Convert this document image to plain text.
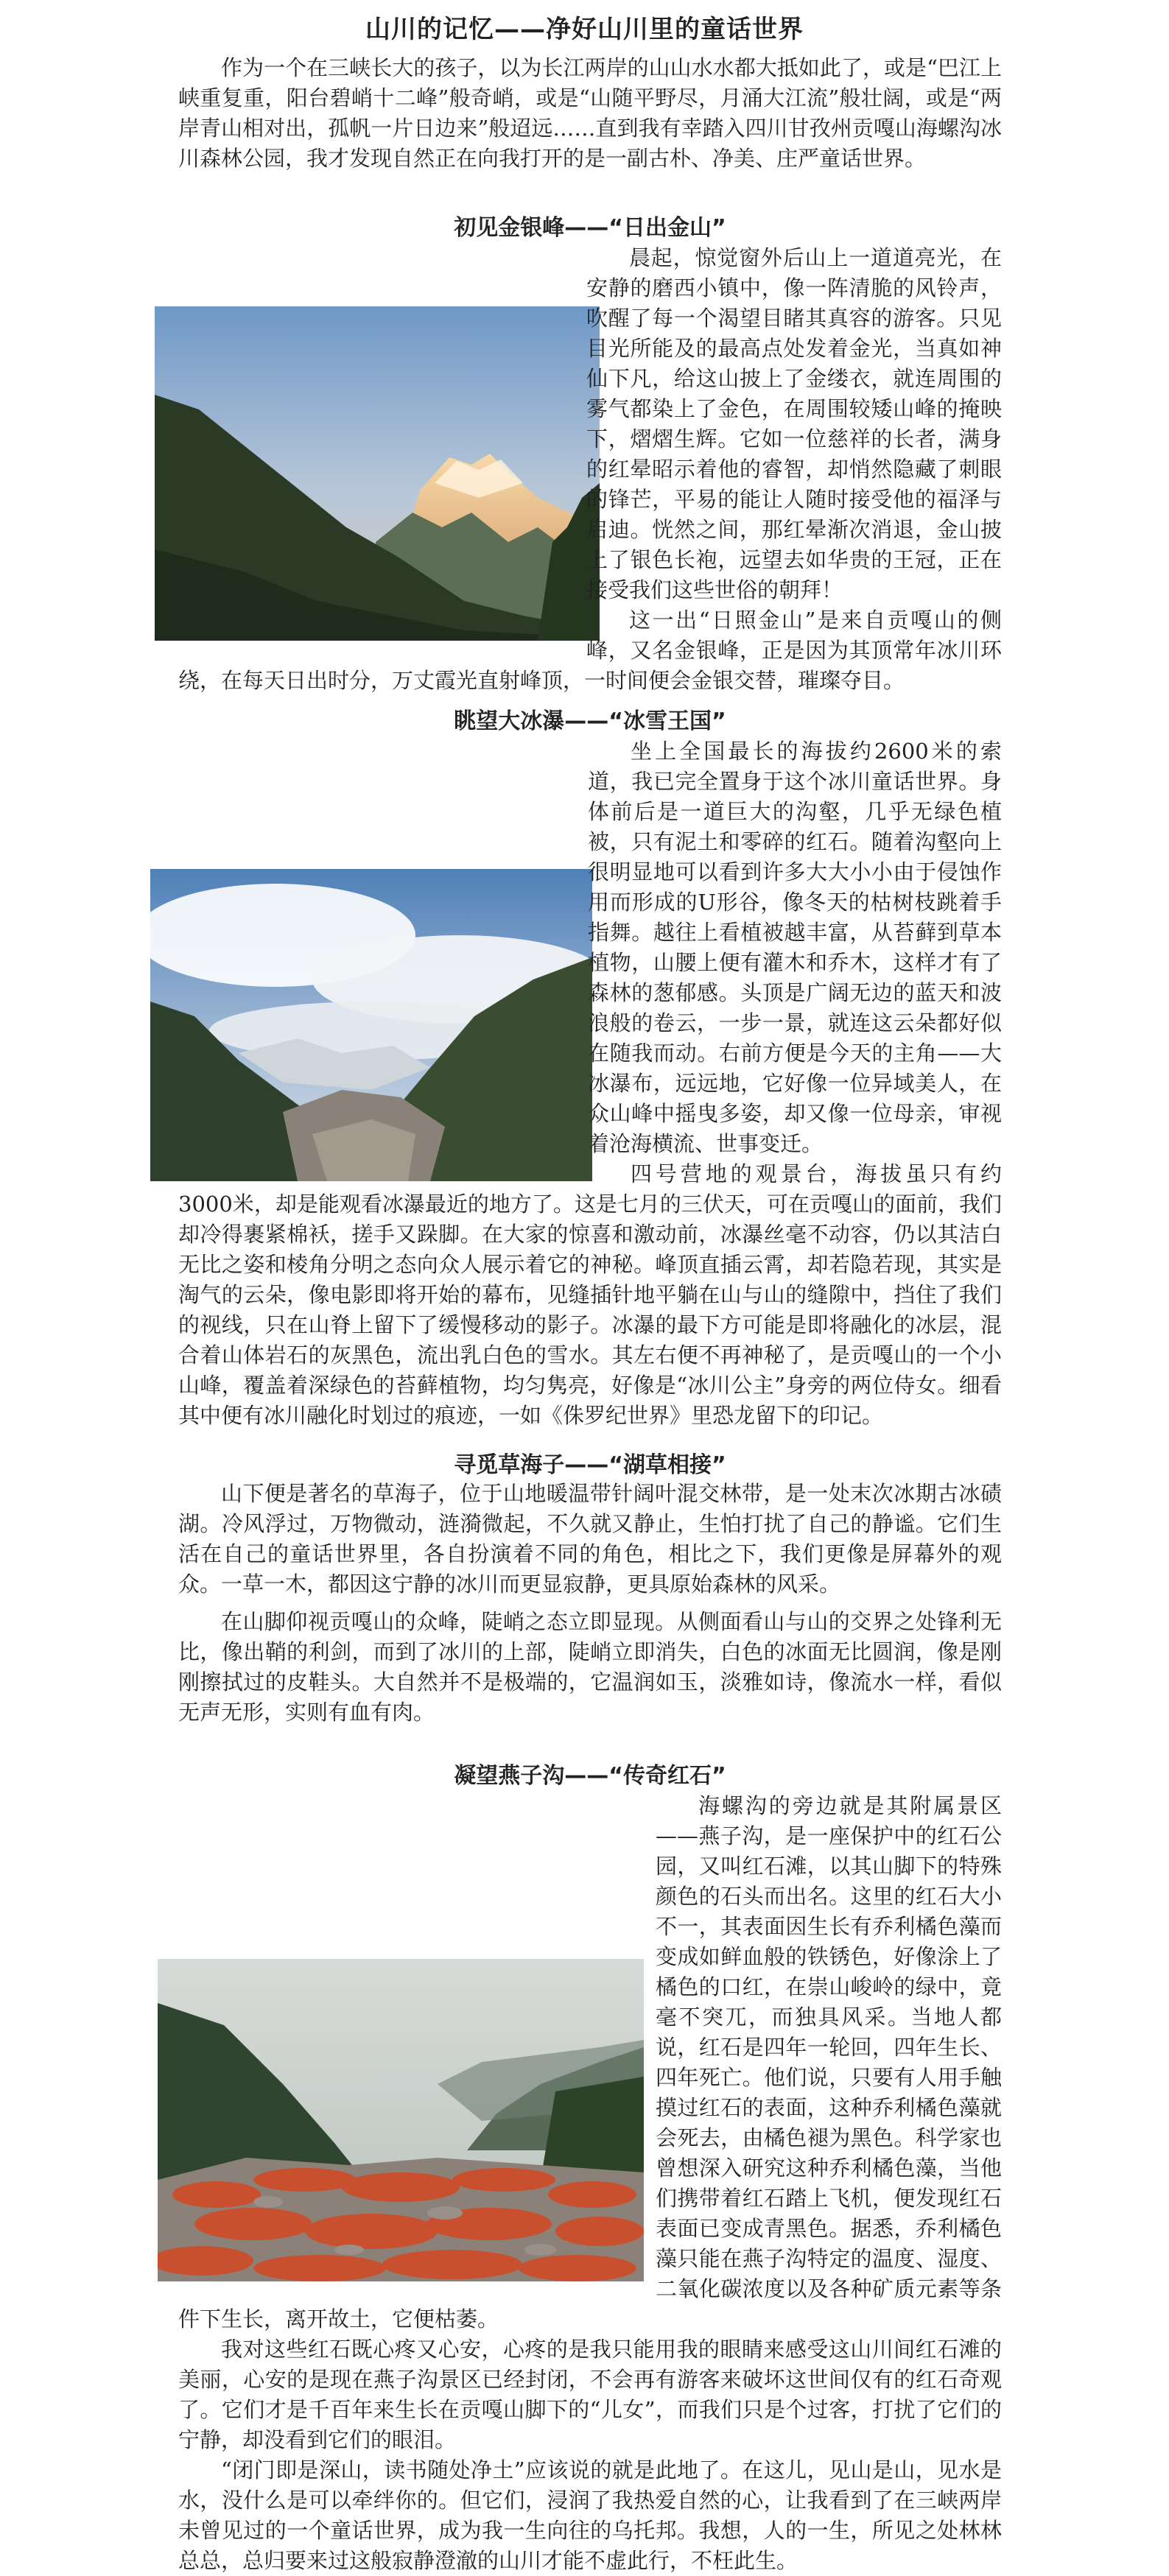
山川的记忆——净好山川里的童话世界

作为一个在三峡长大的孩子，以为长江两岸的山山水水都大抵如此了，或是“巴江上峡重复重，阳台碧峭十二峰”般奇峭，或是“山随平野尽，月涌大江流”般壮阔，或是“两岸青山相对出，孤帆一片日边来”般迢远……直到我有幸踏入四川甘孜州贡嘎山海螺沟冰川森林公园，我才发现自然正在向我打开的是一副古朴、净美、庄严童话世界。

初见金银峰——“日出金山”

晨起，惊觉窗外后山上一道道亮光，在安静的磨西小镇中，像一阵清脆的风铃声，吹醒了每一个渴望目睹其真容的游客。只见目光所能及的最高点处发着金光，当真如神仙下凡，给这山披上了金缕衣，就连周围的雾气都染上了金色，在周围较矮山峰的掩映下，熠熠生辉。它如一位慈祥的长者，满身的红晕昭示着他的睿智，却悄然隐藏了刺眼的锋芒，平易的能让人随时接受他的福泽与启迪。恍然之间，那红晕渐次消退，金山披上了银色长袍，远望去如华贵的王冠，正在接受我们这些世俗的朝拜！

这一出“日照金山”是来自贡嘎山的侧峰，又名金银峰，正是因为其顶常年冰川环绕，在每天日出时分，万丈霞光直射峰顶，一时间便会金银交替，璀璨夺目。

眺望大冰瀑——“冰雪王国”

坐上全国最长的海拔约2600米的索道，我已完全置身于这个冰川童话世界。身体前后是一道巨大的沟壑，几乎无绿色植被，只有泥土和零碎的红石。随着沟壑向上很明显地可以看到许多大大小小由于侵蚀作用而形成的U形谷，像冬天的枯树枝跳着手指舞。越往上看植被越丰富，从苔藓到草本植物，山腰上便有灌木和乔木，这样才有了森林的葱郁感。头顶是广阔无边的蓝天和波浪般的卷云，一步一景，就连这云朵都好似在随我而动。右前方便是今天的主角——大冰瀑布，远远地，它好像一位异域美人，在众山峰中摇曳多姿，却又像一位母亲，审视着沧海横流、世事变迁。

四号营地的观景台，海拔虽只有约3000米，却是能观看冰瀑最近的地方了。这是七月的三伏天，可在贡嘎山的面前，我们却冷得裹紧棉袄，搓手又跺脚。在大家的惊喜和激动前，冰瀑丝毫不动容，仍以其洁白无比之姿和棱角分明之态向众人展示着它的神秘。峰顶直插云霄，却若隐若现，其实是淘气的云朵，像电影即将开始的幕布，见缝插针地平躺在山与山的缝隙中，挡住了我们的视线，只在山脊上留下了缓慢移动的影子。冰瀑的最下方可能是即将融化的冰层，混合着山体岩石的灰黑色，流出乳白色的雪水。其左右便不再神秘了，是贡嘎山的一个小山峰，覆盖着深绿色的苔藓植物，均匀隽亮，好像是“冰川公主”身旁的两位侍女。细看其中便有冰川融化时划过的痕迹，一如《侏罗纪世界》里恐龙留下的印记。

寻觅草海子——“湖草相接”

山下便是著名的草海子，位于山地暖温带针阔叶混交林带，是一处末次冰期古冰碛湖。冷风浮过，万物微动，涟漪微起，不久就又静止，生怕打扰了自己的静谧。它们生活在自己的童话世界里，各自扮演着不同的角色，相比之下，我们更像是屏幕外的观众。一草一木，都因这宁静的冰川而更显寂静，更具原始森林的风采。

在山脚仰视贡嘎山的众峰，陡峭之态立即显现。从侧面看山与山的交界之处锋利无比，像出鞘的利剑，而到了冰川的上部，陡峭立即消失，白色的冰面无比圆润，像是刚刚擦拭过的皮鞋头。大自然并不是极端的，它温润如玉，淡雅如诗，像流水一样，看似无声无形，实则有血有肉。

凝望燕子沟——“传奇红石”

海螺沟的旁边就是其附属景区——燕子沟，是一座保护中的红石公园，又叫红石滩，以其山脚下的特殊颜色的石头而出名。这里的红石大小不一，其表面因生长有乔利橘色藻而变成如鲜血般的铁锈色，好像涂上了橘色的口红，在崇山峻岭的绿中，竟毫不突兀，而独具风采。当地人都说，红石是四年一轮回，四年生长、四年死亡。他们说，只要有人用手触摸过红石的表面，这种乔利橘色藻就会死去，由橘色褪为黑色。科学家也曾想深入研究这种乔利橘色藻，当他们携带着红石踏上飞机，便发现红石表面已变成青黑色。据悉，乔利橘色藻只能在燕子沟特定的温度、湿度、二氧化碳浓度以及各种矿质元素等条件下生长，离开故土，它便枯萎。

我对这些红石既心疼又心安，心疼的是我只能用我的眼睛来感受这山川间红石滩的美丽，心安的是现在燕子沟景区已经封闭，不会再有游客来破坏这世间仅有的红石奇观了。它们才是千百年来生长在贡嘎山脚下的“儿女”，而我们只是个过客，打扰了它们的宁静，却没看到它们的眼泪。

“闭门即是深山，读书随处净土”应该说的就是此地了。在这儿，见山是山，见水是水，没什么是可以牵绊你的。但它们，浸润了我热爱自然的心，让我看到了在三峡两岸未曾见过的一个童话世界，成为我一生向往的乌托邦。我想，人的一生，所见之处林林总总，总归要来过这般寂静澄澈的山川才能不虚此行，不枉此生。
